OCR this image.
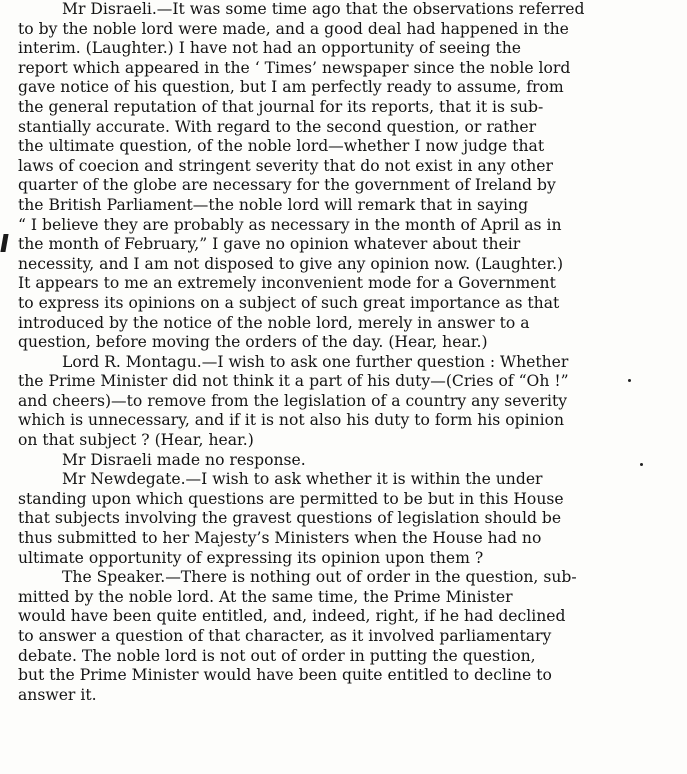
Mr Disraeli.—It was some time ago that the observations referred
to by the noble lord were made, and a good deal had happened in the
interim. (Laughter.) I have not had an opportunity of seeing the
report which appeared in the ‘ Times’ newspaper since the noble lord
gave notice of his question, but I am perfectly ready to assume, from
the general reputation of that journal for its reports, that it is sub-
stantially accurate. With regard to the second question, or rather
the ultimate question, of the noble lord—whether I now judge that
laws of coecion and stringent severity that do not exist in any other
quarter of the globe are necessary for the government of Ireland by
the British Parliament—the noble lord will remark that in saying
“ I believe they are probably as necessary in the month of April as in
the month of February,” I gave no opinion whatever about their
necessity, and I am not disposed to give any opinion now. (Laughter.)
It appears to me an extremely inconvenient mode for a Government
to express its opinions on a subject of such great importance as that
introduced by the notice of the noble lord, merely in answer to a
question, before moving the orders of the day. (Hear, hear.)
Lord R. Montagu.—I wish to ask one further question : Whether
the Prime Minister did not think it a part of his duty—(Cries of “Oh !”
and cheers)—to remove from the legislation of a country any severity
which is unnecessary, and if it is not also his duty to form his opinion
on that subject ? (Hear, hear.)
Mr Disraeli made no response.
Mr Newdegate.—I wish to ask whether it is within the under
standing upon which questions are permitted to be but in this House
that subjects involving the gravest questions of legislation should be
thus submitted to her Majesty’s Ministers when the House had no
ultimate opportunity of expressing its opinion upon them ?
The Speaker.—There is nothing out of order in the question, sub-
mitted by the noble lord. At the same time, the Prime Minister
would have been quite entitled, and, indeed, right, if he had declined
to answer a question of that character, as it involved parliamentary
debate. The noble lord is not out of order in putting the question,
but the Prime Minister would have been quite entitled to decline to
answer it.
